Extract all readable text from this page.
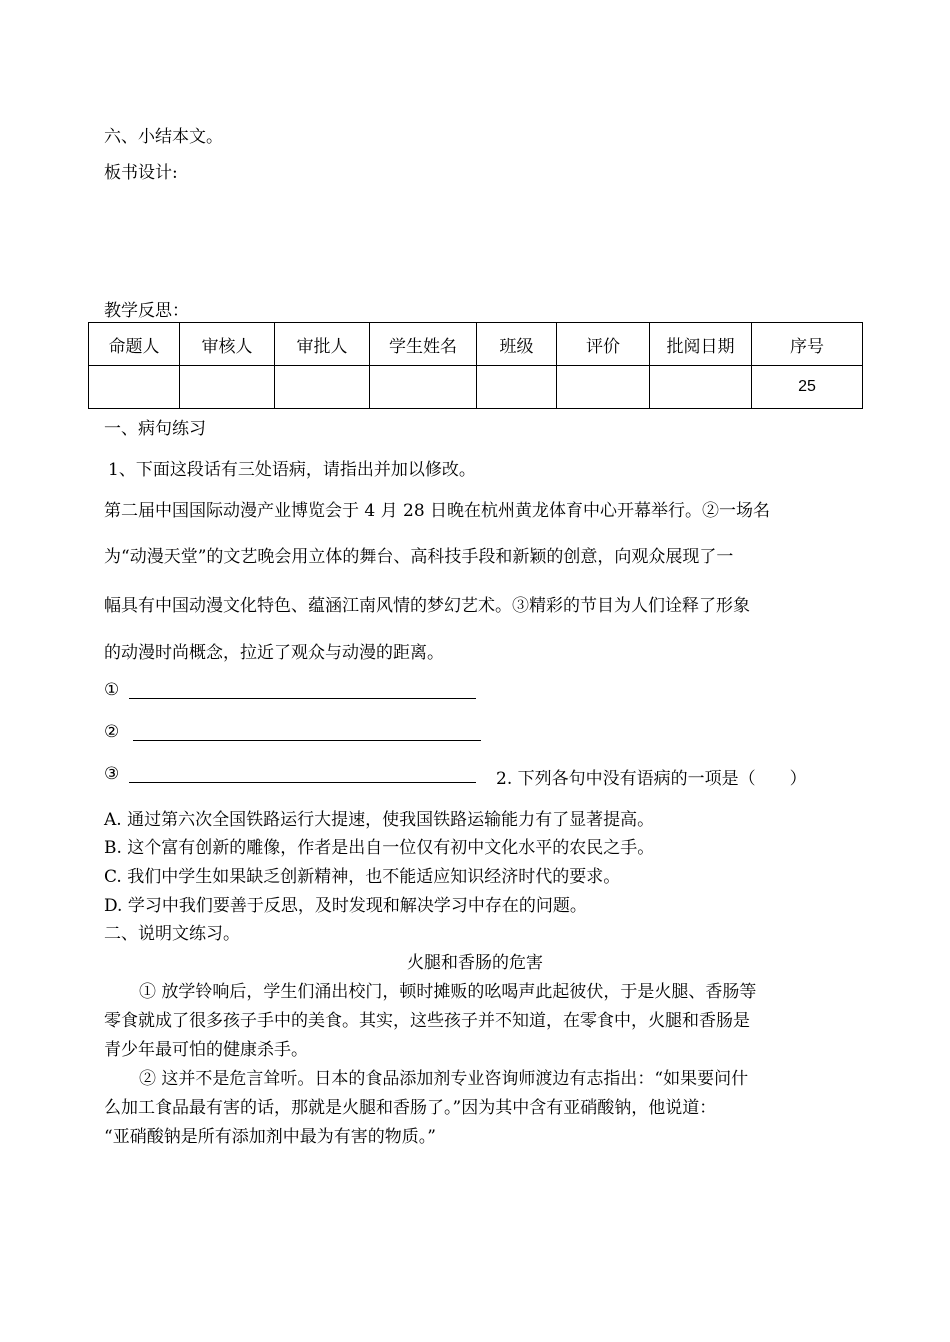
六、小结本文。
板书设计:
教学反思：
命题人	审核人	审批人	学生姓名	班级	评价	批阅日期	序号
							25
一、病句练习
1、下面这段话有三处语病，请指出并加以修改。
第二届中国国际动漫产业博览会于 4 月 28 日晚在杭州黄龙体育中心开幕举行。②一场名
为“动漫天堂”的文艺晚会用立体的舞台、高科技手段和新颖的创意，向观众展现了一
幅具有中国动漫文化特色、蕴涵江南风情的梦幻艺术。③精彩的节目为人们诠释了形象
的动漫时尚概念，拉近了观众与动漫的距离。
①
②
③	2. 下列各句中没有语病的一项是（　　）
A. 通过第六次全国铁路运行大提速，使我国铁路运输能力有了显著提高。
B. 这个富有创新的雕像，作者是出自一位仅有初中文化水平的农民之手。
C. 我们中学生如果缺乏创新精神，也不能适应知识经济时代的要求。
D. 学习中我们要善于反思，及时发现和解决学习中存在的问题。
二、说明文练习。
火腿和香肠的危害
① 放学铃响后，学生们涌出校门，顿时摊贩的吆喝声此起彼伏，于是火腿、香肠等
零食就成了很多孩子手中的美食。其实，这些孩子并不知道，在零食中，火腿和香肠是
青少年最可怕的健康杀手。
② 这并不是危言耸听。日本的食品添加剂专业咨询师渡边有志指出：“如果要问什
么加工食品最有害的话，那就是火腿和香肠了。”因为其中含有亚硝酸钠，他说道：
“亚硝酸钠是所有添加剂中最为有害的物质。”
